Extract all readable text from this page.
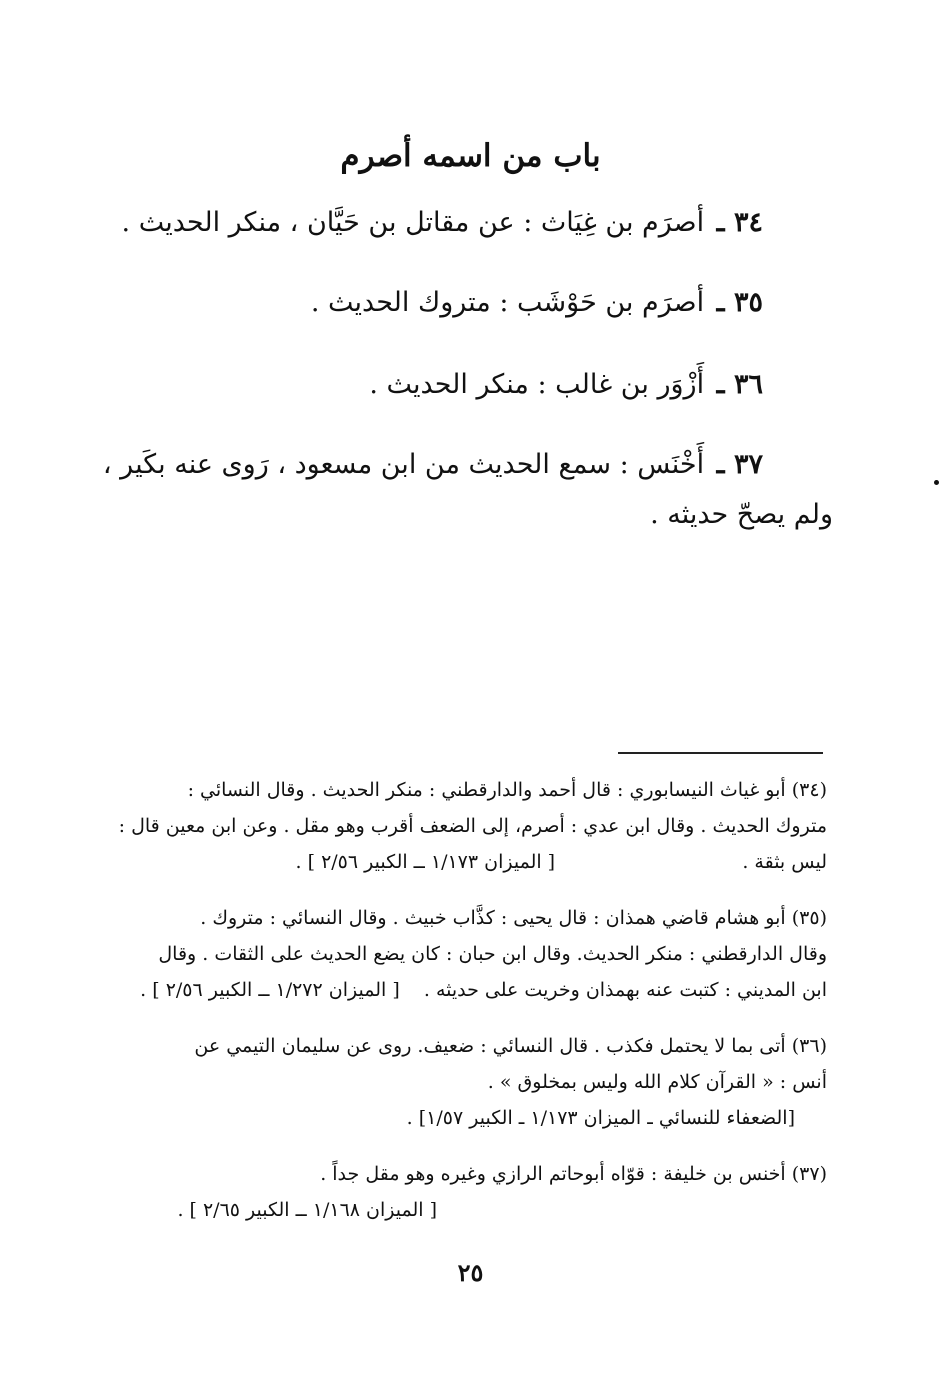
باب من اسمه أصرم
٣٤ ـ أصرَم بن غِيَاث : عن مقاتل بن حَيَّان ، منكر الحديث .
٣٥ ـ أصرَم بن حَوْشَب : متروك الحديث .
٣٦ ـ أَزْوَر بن غالب : منكر الحديث .
٣٧ ـ أَخْنَس : سمع الحديث من ابن مسعود ، رَوى عنه بكَير ،
ولم يصحّ حديثه .
(٣٤) أبو غياث النيسابوري : قال أحمد والدارقطني : منكر الحديث . وقال النسائي :
متروك الحديث . وقال ابن عدي : أصرم، إلى الضعف أقرب وهو مقل . وعن ابن معين قال :
ليس بثقة .                               [ الميزان ١/١٧٣ ــ الكبير ٢/٥٦ ] .
(٣٥) أبو هشام قاضي همذان : قال يحيى : كذَّاب خبيث . وقال النسائي : متروك .
وقال الدارقطني : منكر الحديث. وقال ابن حبان : كان يضع الحديث على الثقات . وقال
ابن المديني : كتبت عنه بهمذان وخريت على حديثه .    [ الميزان ١/٢٧٢ ــ الكبير ٢/٥٦ ] .
(٣٦) أتى بما لا يحتمل فكذب . قال النسائي : ضعيف. روى عن سليمان التيمي عن
أنس : « القرآن كلام الله وليس بمخلوق » .
[الضعفاء للنسائي ـ الميزان ١/١٧٣ ـ الكبير ١/٥٧] .
(٣٧) أخنس بن خليفة : قوّاه أبوحاتم الرازي وغيره وهو مقل جداً .
[ الميزان ١/١٦٨ ــ الكبير ٢/٦٥ ] .
٢٥
